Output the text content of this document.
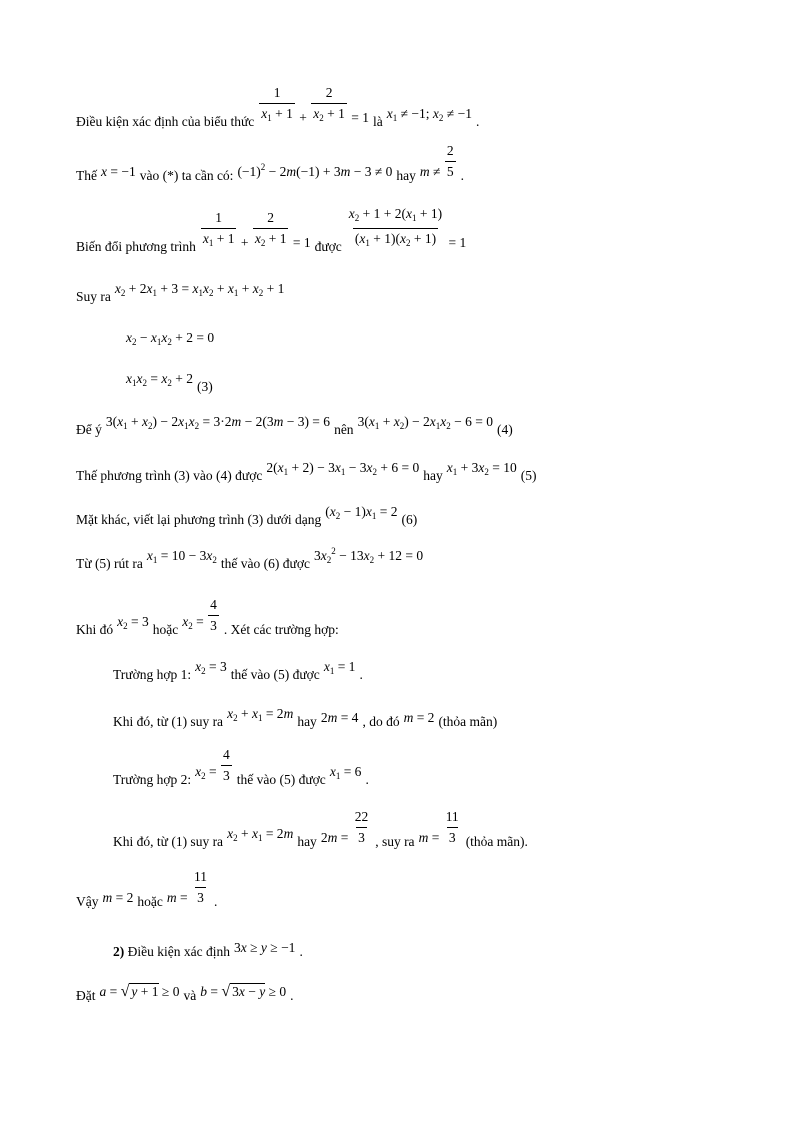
Điều kiện xác định của biểu thức $\frac{1}{x_1 + 1} + \frac{2}{x_2 + 1} = 1$ là
$x_1 \ne -1$; $x_2 \ne -1$
.
Thế x = −1 vào (*) ta cần có: $(-1)^2 - 2m(-1) + 3m - 3 \ne 0$ hay $m \ne \frac{2}{5}$ .
Biến đổi phương trình $\frac{1}{x_1 + 1} + \frac{2}{x_2 + 1} = 1$ được $\frac{x_2 + 1 + 2(x_1 + 1)}{(x_1 + 1)(x_2 + 1)} = 1$
Suy ra
$x_2 + 2x_1 + 3 = x_1x_2 + x_1 + x_2 + 1$
$x_2 - x_1x_2 + 2 = 0$
$x_1x_2 = x_2 + 2$
(3)
Để ý
$3(x_1 + x_2) - 2x_1x_2 = 3\cdot 2m - 2(3m - 3) = 6$
nên
$3(x_1 + x_2) - 2x_1x_2 - 6 = 0$
(4)
Thế phương trình (3) vào (4) được
$2(x_1 + 2) - 3x_1 - 3x_2 + 6 = 0$
hay
$x_1 + 3x_2 = 10$
(5)
Mặt khác, viết lại phương trình (3) dưới dạng
$(x_2 - 1)x_1 = 2$
(6)
Từ (5) rút ra
$x_1 = 10 - 3x_2$ thế vào (6) được
$3x_2^2 - 13x_2 + 12 = 0$
Khi đó
$x_2 = 3$
hoặc
$x_2 = \frac{4}{3}$ . Xét các trường hợp:
Trường hợp 1:
$x_2 = 3$
thế vào (5) được
$x_1 = 1$
.
Khi đó, từ (1) suy ra
$x_2 + x_1 = 2m$
hay 2m = 4 , do đó m = 2 (thỏa mãn)
Trường hợp 2:
$x_2 = \frac{4}{3}$ thế vào (5) được
$x_1 = 6$
.
Khi đó, từ (1) suy ra
$x_2 + x_1 = 2m$
hay $2m = \frac{22}{3}$ , suy ra $m = \frac{11}{3}$ (thỏa mãn).
Vậy m = 2 hoặc $m = \frac{11}{3}$ .
2)
Điều kiện xác định 3x ≥ y ≥ −1 .
Đặt a = √ y + 1 ≥ 0 và b = √ 3x − y ≥ 0 .
